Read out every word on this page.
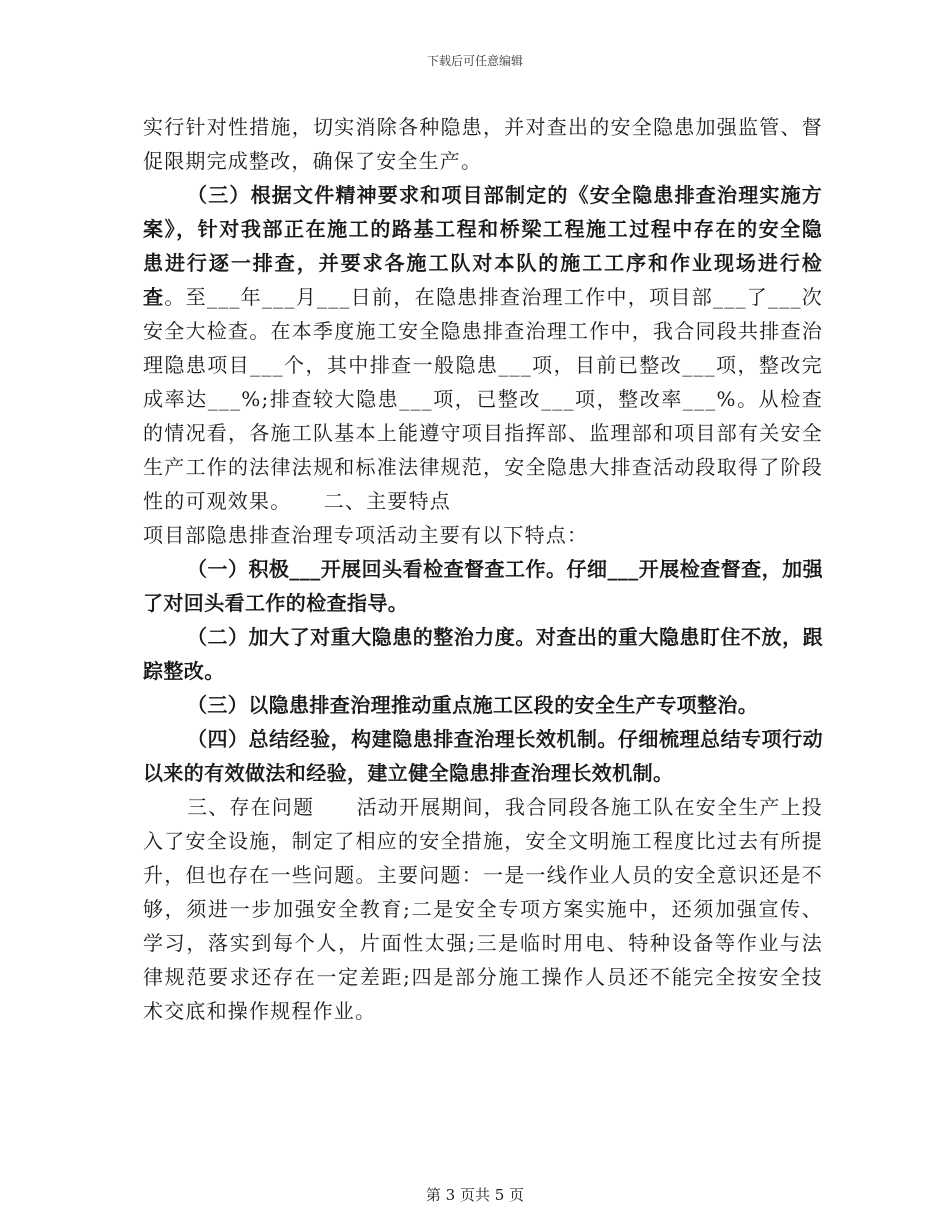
下载后可任意编辑

实行针对性措施，切实消除各种隐患，并对查出的安全隐患加强监管、督促限期完成整改，确保了安全生产。

（三）根据文件精神要求和项目部制定的《安全隐患排查治理实施方案》，针对我部正在施工的路基工程和桥梁工程施工过程中存在的安全隐患进行逐一排查，并要求各施工队对本队的施工工序和作业现场进行检查。至___年___月___日前，在隐患排查治理工作中，项目部___了___次安全大检查。在本季度施工安全隐患排查治理工作中，我合同段共排查治理隐患项目___个，其中排查一般隐患___项，目前已整改___项，整改完成率达___%;排查较大隐患___项，已整改___项，整改率___%。从检查的情况看，各施工队基本上能遵守项目指挥部、监理部和项目部有关安全生产工作的法律法规和标准法律规范，安全隐患大排查活动段取得了阶段性的可观效果。　　二、主要特点

项目部隐患排查治理专项活动主要有以下特点：

（一）积极___开展回头看检查督查工作。仔细___开展检查督查，加强了对回头看工作的检查指导。

（二）加大了对重大隐患的整治力度。对查出的重大隐患盯住不放，跟踪整改。

（三）以隐患排查治理推动重点施工区段的安全生产专项整治。

（四）总结经验，构建隐患排查治理长效机制。仔细梳理总结专项行动以来的有效做法和经验，建立健全隐患排查治理长效机制。

三、存在问题　　活动开展期间，我合同段各施工队在安全生产上投入了安全设施，制定了相应的安全措施，安全文明施工程度比过去有所提升，但也存在一些问题。主要问题：一是一线作业人员的安全意识还是不够，须进一步加强安全教育;二是安全专项方案实施中，还须加强宣传、学习，落实到每个人，片面性太强;三是临时用电、特种设备等作业与法律规范要求还存在一定差距;四是部分施工操作人员还不能完全按安全技术交底和操作规程作业。

第 3 页共 5 页
